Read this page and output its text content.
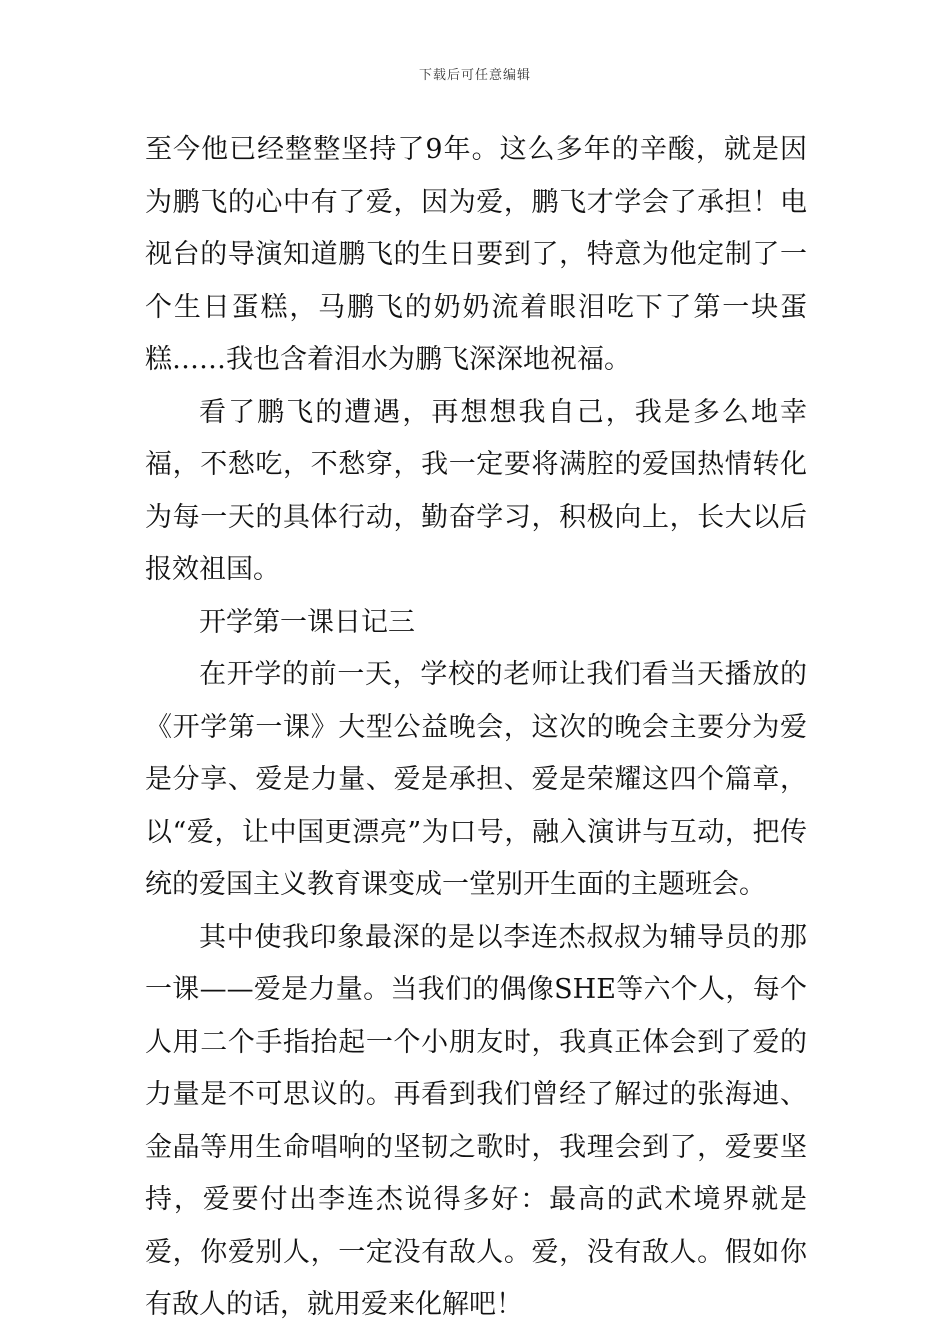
下载后可任意编辑

至今他已经整整坚持了9年。这么多年的辛酸，就是因为鹏飞的心中有了爱，因为爱，鹏飞才学会了承担！电视台的导演知道鹏飞的生日要到了，特意为他定制了一个生日蛋糕，马鹏飞的奶奶流着眼泪吃下了第一块蛋糕……我也含着泪水为鹏飞深深地祝福。

看了鹏飞的遭遇，再想想我自己，我是多么地幸福，不愁吃，不愁穿，我一定要将满腔的爱国热情转化为每一天的具体行动，勤奋学习，积极向上，长大以后报效祖国。

开学第一课日记三

在开学的前一天，学校的老师让我们看当天播放的《开学第一课》大型公益晚会，这次的晚会主要分为爱是分享、爱是力量、爱是承担、爱是荣耀这四个篇章，以“爱，让中国更漂亮”为口号，融入演讲与互动，把传统的爱国主义教育课变成一堂别开生面的主题班会。

其中使我印象最深的是以李连杰叔叔为辅导员的那一课——爱是力量。当我们的偶像SHE等六个人，每个人用二个手指抬起一个小朋友时，我真正体会到了爱的力量是不可思议的。再看到我们曾经了解过的张海迪、金晶等用生命唱响的坚韧之歌时，我理会到了，爱要坚持，爱要付出李连杰说得多好：最高的武术境界就是爱，你爱别人，一定没有敌人。爱，没有敌人。假如你有敌人的话，就用爱来化解吧！
